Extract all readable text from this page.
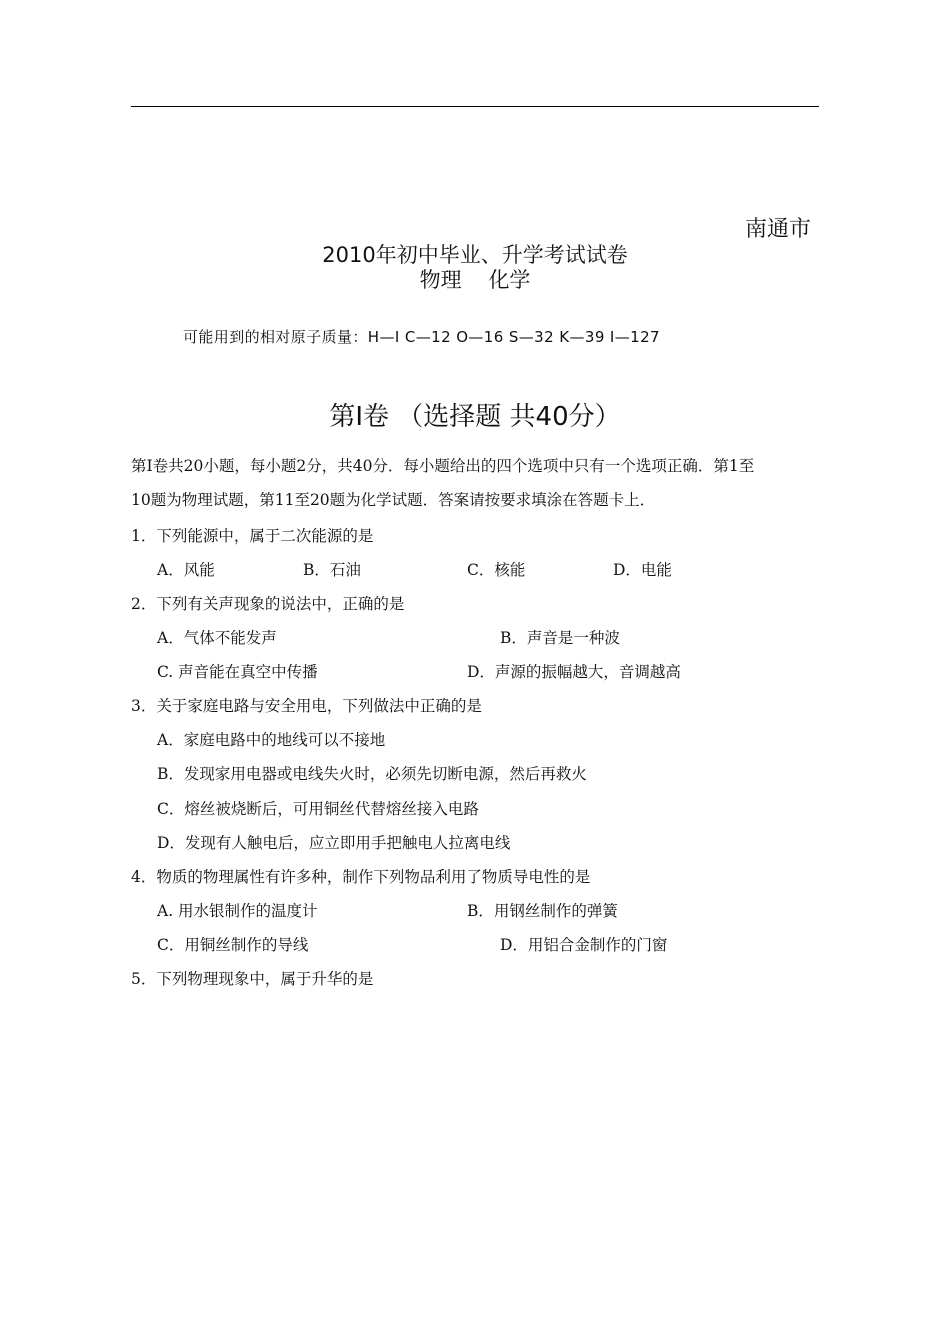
南通市
2010年初中毕业、升学考试试卷
物理 化学
可能用到的相对原子质量：H—I C—12 O—16 S—32 K—39 I—127
第Ⅰ卷 （选择题 共40分）

第Ⅰ卷共20小题，每小题2分，共40分．每小题给出的四个选项中只有一个选项正确．第1至

10题为物理试题，第11至20题为化学试题．答案请按要求填涂在答题卡上．

1．下列能源中，属于二次能源的是
A．风能	B．石油	C．核能	D．电能
2．下列有关声现象的说法中，正确的是
A．气体不能发声	B．声音是一种波
C. 声音能在真空中传播	D．声源的振幅越大，音调越高
3．关于家庭电路与安全用电，下列做法中正确的是
A．家庭电路中的地线可以不接地
B．发现家用电器或电线失火时，必须先切断电源，然后再救火
C．熔丝被烧断后，可用铜丝代替熔丝接入电路
D．发现有人触电后，应立即用手把触电人拉离电线
4．物质的物理属性有许多种，制作下列物品利用了物质导电性的是
A. 用水银制作的温度计	B．用钢丝制作的弹簧
C．用铜丝制作的导线	D．用铝合金制作的门窗
5．下列物理现象中，属于升华的是
